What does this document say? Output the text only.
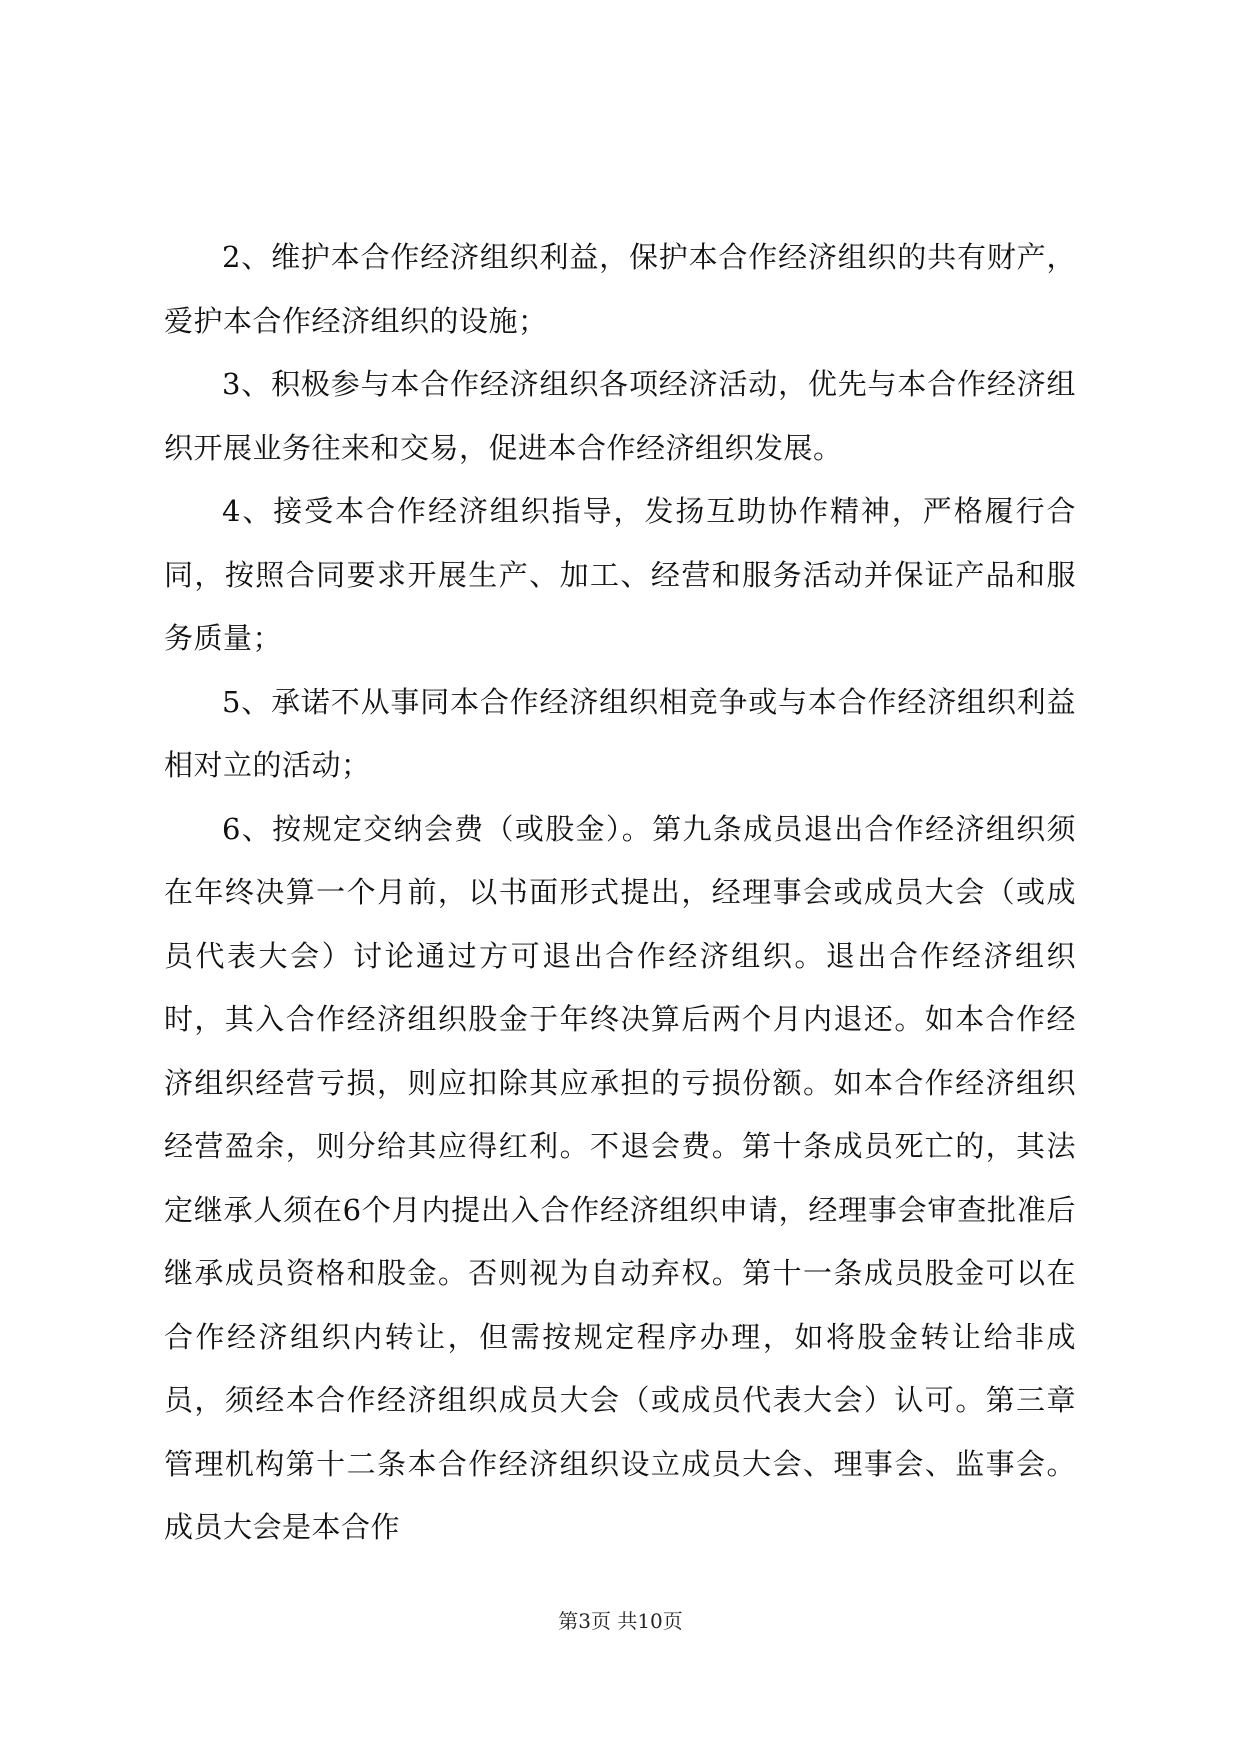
2、维护本合作经济组织利益，保护本合作经济组织的共有财产，爱护本合作经济组织的设施；

3、积极参与本合作经济组织各项经济活动，优先与本合作经济组织开展业务往来和交易，促进本合作经济组织发展。

4、接受本合作经济组织指导，发扬互助协作精神，严格履行合同，按照合同要求开展生产、加工、经营和服务活动并保证产品和服务质量；

5、承诺不从事同本合作经济组织相竞争或与本合作经济组织利益相对立的活动；

6、按规定交纳会费（或股金）。第九条成员退出合作经济组织须在年终决算一个月前，以书面形式提出，经理事会或成员大会（或成员代表大会）讨论通过方可退出合作经济组织。退出合作经济组织时，其入合作经济组织股金于年终决算后两个月内退还。如本合作经济组织经营亏损，则应扣除其应承担的亏损份额。如本合作经济组织经营盈余，则分给其应得红利。不退会费。第十条成员死亡的，其法定继承人须在6个月内提出入合作经济组织申请，经理事会审查批准后继承成员资格和股金。否则视为自动弃权。第十一条成员股金可以在合作经济组织内转让，但需按规定程序办理，如将股金转让给非成员，须经本合作经济组织成员大会（或成员代表大会）认可。第三章管理机构第十二条本合作经济组织设立成员大会、理事会、监事会。成员大会是本合作

第3页 共10页
